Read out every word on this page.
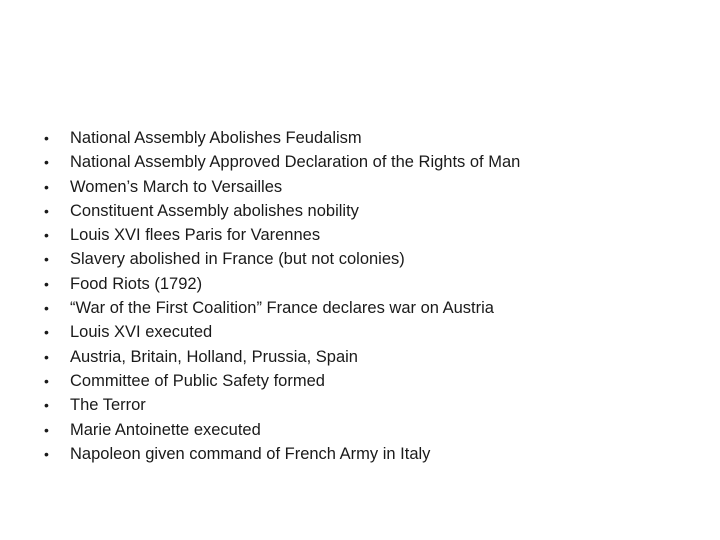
•	National Assembly Abolishes Feudalism
•	National Assembly Approved Declaration of the Rights of Man
•	Women’s March to Versailles
•	Constituent Assembly abolishes nobility
•	Louis XVI flees Paris for Varennes
•	Slavery abolished in France (but not colonies)
•	Food Riots (1792)
•	“War of the First Coalition” France declares war on Austria
•	Louis XVI executed
•	Austria, Britain, Holland, Prussia, Spain
•	Committee of Public Safety formed
•	The Terror
•	Marie Antoinette executed
•	Napoleon given command of French Army in Italy
